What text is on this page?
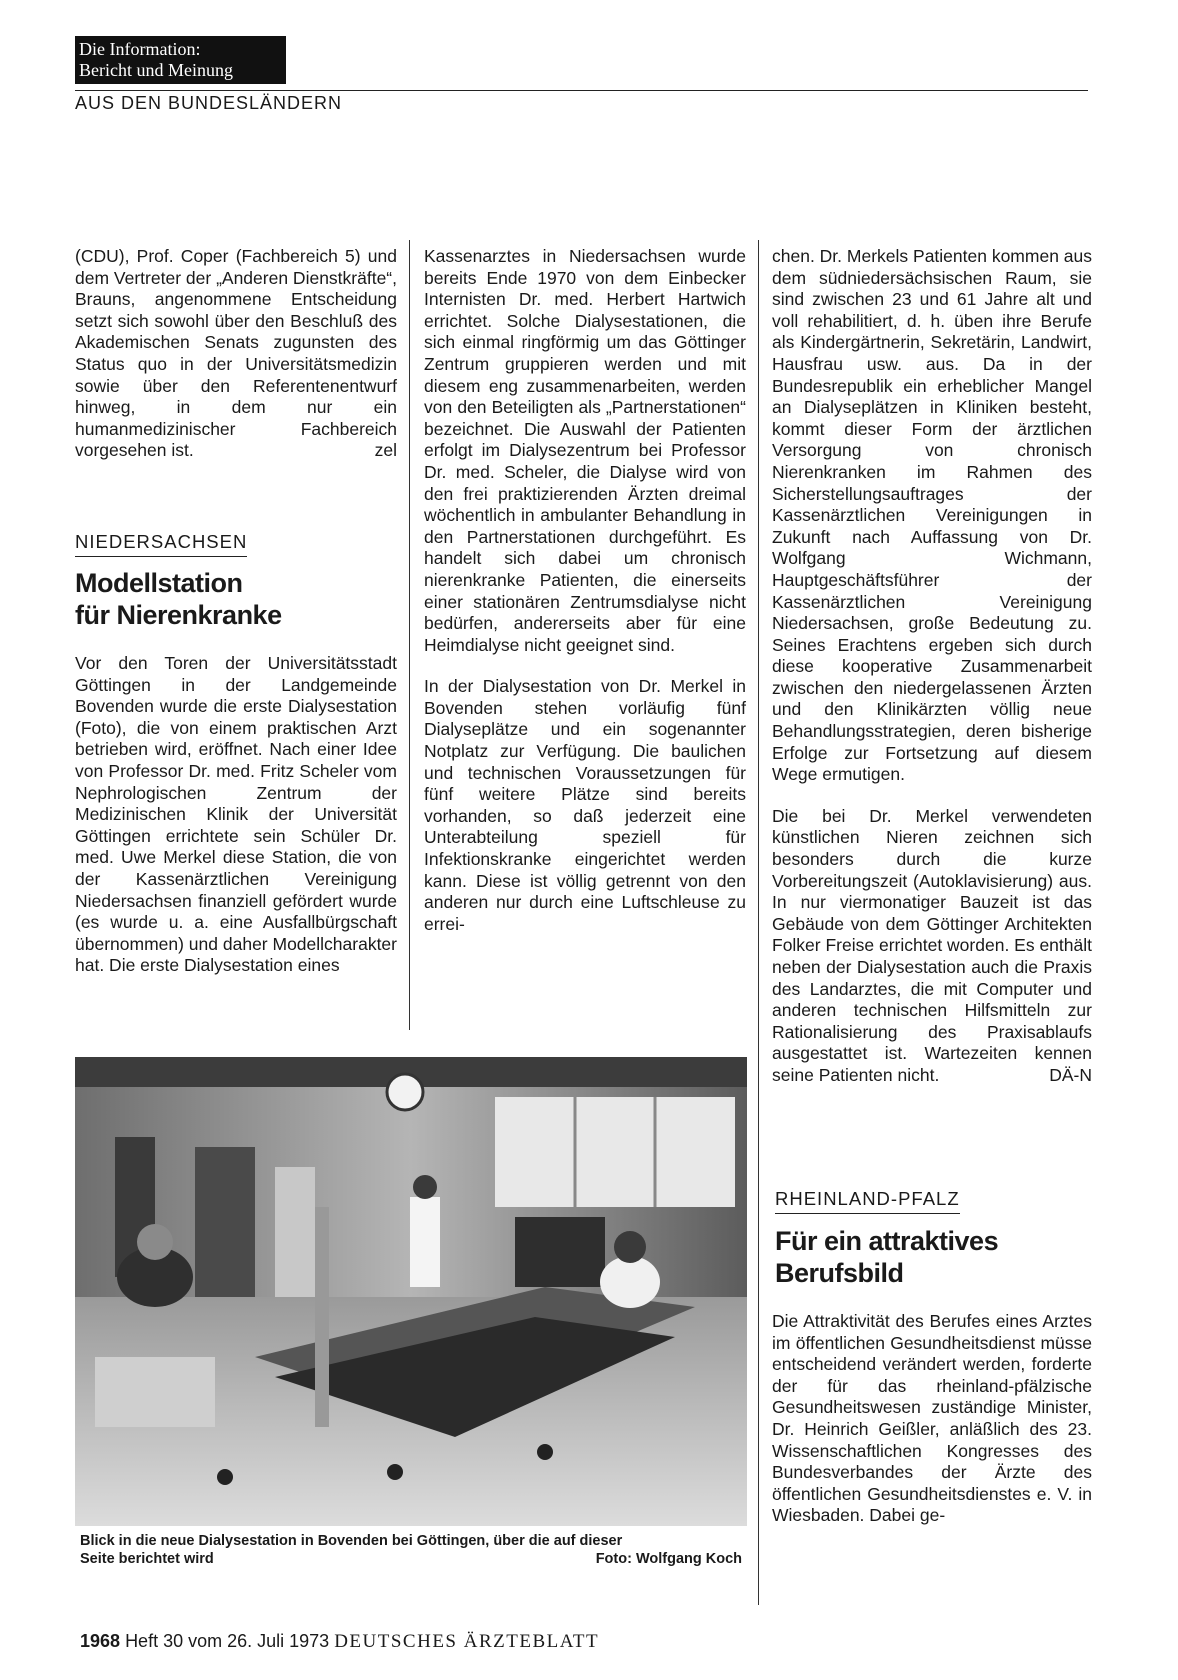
Die Information:
Bericht und Meinung
AUS DEN BUNDESLÄNDERN

(CDU), Prof. Coper (Fachbereich 5) und dem Vertreter der „Anderen Dienstkräfte“, Brauns, angenommene Entscheidung setzt sich sowohl über den Beschluß des Akademischen Senats zugunsten des Status quo in der Universitätsmedizin sowie über den Referentenentwurf hinweg, in dem nur ein humanmedizinischer Fachbereich vorgesehen ist.	zel

NIEDERSACHSEN
Modellstation
für Nierenkranke

Vor den Toren der Universitätsstadt Göttingen in der Landgemeinde Bovenden wurde die erste Dialysestation (Foto), die von einem praktischen Arzt betrieben wird, eröffnet. Nach einer Idee von Professor Dr. med. Fritz Scheler vom Nephrologischen Zentrum der Medizinischen Klinik der Universität Göttingen errichtete sein Schüler Dr. med. Uwe Merkel diese Station, die von der Kassenärztlichen Vereinigung Niedersachsen finanziell gefördert wurde (es wurde u. a. eine Ausfallbürgschaft übernommen) und daher Modellcharakter hat. Die erste Dialysestation eines

Kassenarztes in Niedersachsen wurde bereits Ende 1970 von dem Einbecker Internisten Dr. med. Herbert Hartwich errichtet. Solche Dialysestationen, die sich einmal ringförmig um das Göttinger Zentrum gruppieren werden und mit diesem eng zusammenarbeiten, werden von den Beteiligten als „Partnerstationen“ bezeichnet. Die Auswahl der Patienten erfolgt im Dialysezentrum bei Professor Dr. med. Scheler, die Dialyse wird von den frei praktizierenden Ärzten dreimal wöchentlich in ambulanter Behandlung in den Partnerstationen durchgeführt. Es handelt sich dabei um chronisch nierenkranke Patienten, die einerseits einer stationären Zentrumsdialyse nicht bedürfen, andererseits aber für eine Heimdialyse nicht geeignet sind.

In der Dialysestation von Dr. Merkel in Bovenden stehen vorläufig fünf Dialyseplätze und ein sogenannter Notplatz zur Verfügung. Die baulichen und technischen Voraussetzungen für fünf weitere Plätze sind bereits vorhanden, so daß jederzeit eine Unterabteilung speziell für Infektionskranke eingerichtet werden kann. Diese ist völlig getrennt von den anderen nur durch eine Luftschleuse zu errei-

chen. Dr. Merkels Patienten kommen aus dem südniedersächsischen Raum, sie sind zwischen 23 und 61 Jahre alt und voll rehabilitiert, d. h. üben ihre Berufe als Kindergärtnerin, Sekretärin, Landwirt, Hausfrau usw. aus. Da in der Bundesrepublik ein erheblicher Mangel an Dialyseplätzen in Kliniken besteht, kommt dieser Form der ärztlichen Versorgung von chronisch Nierenkranken im Rahmen des Sicherstellungsauftrages der Kassenärztlichen Vereinigungen in Zukunft nach Auffassung von Dr. Wolfgang Wichmann, Hauptgeschäftsführer der Kassenärztlichen Vereinigung Niedersachsen, große Bedeutung zu. Seines Erachtens ergeben sich durch diese kooperative Zusammenarbeit zwischen den niedergelassenen Ärzten und den Klinikärzten völlig neue Behandlungsstrategien, deren bisherige Erfolge zur Fortsetzung auf diesem Wege ermutigen.

Die bei Dr. Merkel verwendeten künstlichen Nieren zeichnen sich besonders durch die kurze Vorbereitungszeit (Autoklavisierung) aus. In nur viermonatiger Bauzeit ist das Gebäude von dem Göttinger Architekten Folker Freise errichtet worden. Es enthält neben der Dialysestation auch die Praxis des Landarztes, die mit Computer und anderen technischen Hilfsmitteln zur Rationalisierung des Praxisablaufs ausgestattet ist. Wartezeiten kennen seine Patienten nicht.	DÄ-N

RHEINLAND-PFALZ
Für ein attraktives
Berufsbild

Die Attraktivität des Berufes eines Arztes im öffentlichen Gesundheitsdienst müsse entscheidend verändert werden, forderte der für das rheinland-pfälzische Gesundheitswesen zuständige Minister, Dr. Heinrich Geißler, anläßlich des 23. Wissenschaftlichen Kongresses des Bundesverbandes der Ärzte des öffentlichen Gesundheitsdienstes e. V. in Wiesbaden. Dabei ge-

Blick in die neue Dialysestation in Bovenden bei Göttingen, über die auf dieser
Seite berichtet wird	Foto: Wolfgang Koch
1968 Heft 30 vom 26. Juli 1973 DEUTSCHES ÄRZTEBLATT
